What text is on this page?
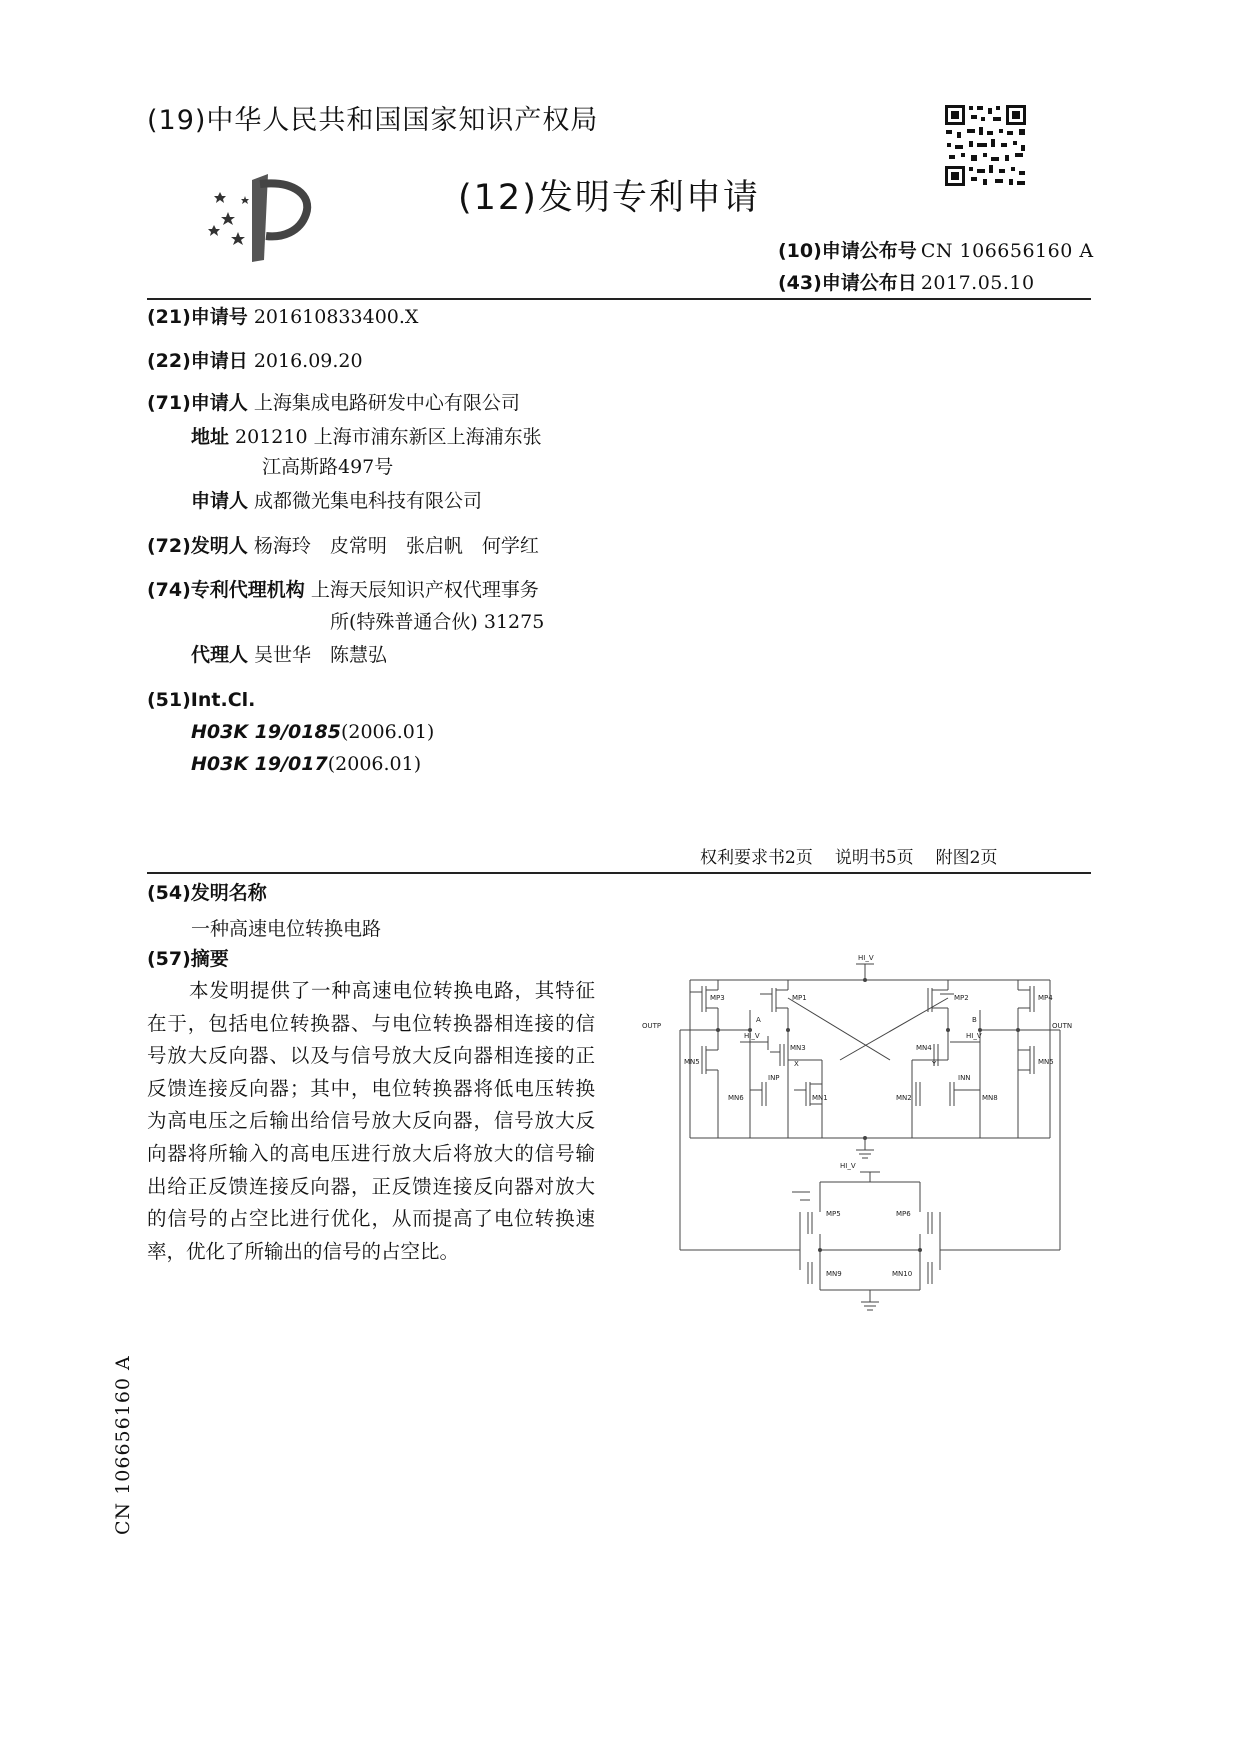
(19)中华人民共和国国家知识产权局
(12)发明专利申请
(10)申请公布号 CN 106656160 A
(43)申请公布日 2017.05.10
(21)申请号 201610833400.X
(22)申请日 2016.09.20
(71)申请人 上海集成电路研发中心有限公司
地址 201210 上海市浦东新区上海浦东张
江高斯路497号
申请人 成都微光集电科技有限公司
(72)发明人 杨海玲　皮常明　张启帆　何学红
(74)专利代理机构 上海天辰知识产权代理事务
所(特殊普通合伙) 31275
代理人 吴世华　陈慧弘
(51)Int.Cl.
H03K 19/0185(2006.01)
H03K 19/017(2006.01)
权利要求书2页 说明书5页 附图2页
(54)发明名称
一种高速电位转换电路
(57)摘要

本发明提供了一种高速电位转换电路，其特征在于，包括电位转换器、与电位转换器相连接的信号放大反向器、以及与信号放大反向器相连接的正反馈连接反向器；其中，电位转换器将低电压转换为高电压之后输出给信号放大反向器，信号放大反向器将所输入的高电压进行放大后将放大的信号输出给正反馈连接反向器，正反馈连接反向器对放大的信号的占空比进行优化，从而提高了电位转换速率，优化了所输出的信号的占空比。

HI_V
MP3	MP1	MP2	MP4
A	B
OUTP	OUTN
HI_V	HI_V
MN3	MN4
X	Y
MN5	MN5
INP	INN
MN6	MN1	MN2	MN8
HI_V
MP5	MP6
MN9	MN10
CN 106656160 A
